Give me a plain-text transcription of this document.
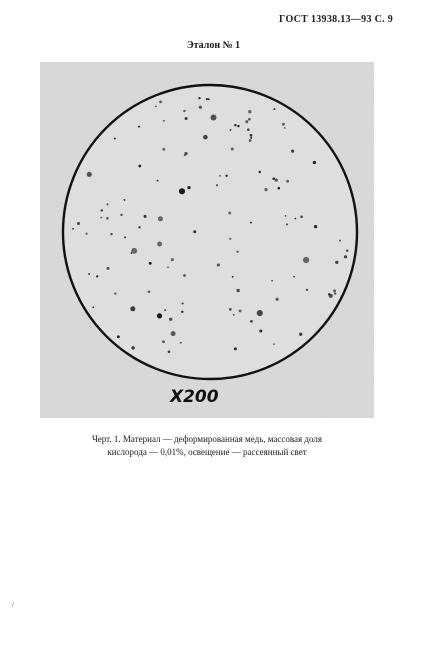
ГОСТ 13938.13—93 С. 9
Эталон № 1
X200
Черт. 1. Материал — деформированная медь, массовая доля
кислорода — 0,01%, освещение — рассеянный свет
/
